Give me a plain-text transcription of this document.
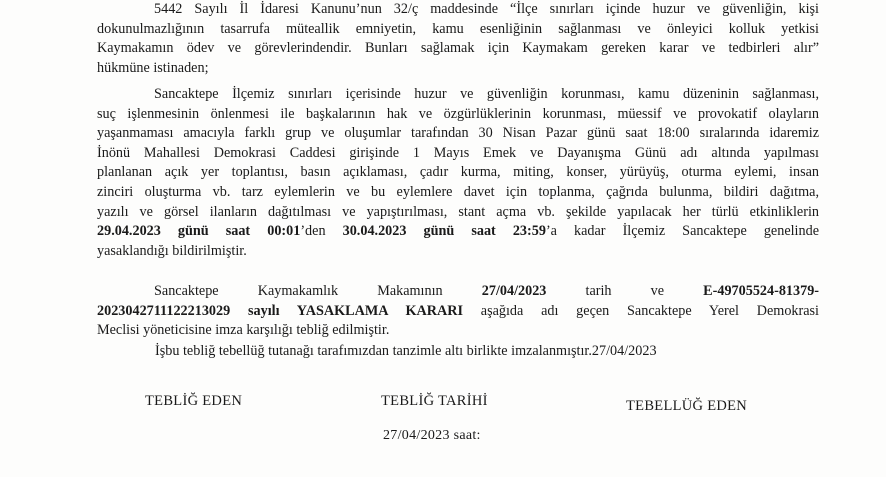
5442 Sayılı İl İdaresi Kanunu’nun 32/ç maddesinde “İlçe sınırları içinde huzur ve güvenliğin, kişi
dokunulmazlığının tasarrufa müteallik emniyetin, kamu esenliğinin sağlanması ve önleyici kolluk yetkisi
Kaymakamın ödev ve görevlerindendir. Bunları sağlamak için Kaymakam gereken karar ve tedbirleri alır”
hükmüne istinaden;
Sancaktepe İlçemiz sınırları içerisinde huzur ve güvenliğin korunması, kamu düzeninin sağlanması,
suç işlenmesinin önlenmesi ile başkalarının hak ve özgürlüklerinin korunması, müessif ve provokatif olayların
yaşanmaması amacıyla farklı grup ve oluşumlar tarafından 30 Nisan Pazar günü saat 18:00 sıralarında idaremiz
İnönü Mahallesi Demokrasi Caddesi girişinde 1 Mayıs Emek ve Dayanışma Günü adı altında yapılması
planlanan açık yer toplantısı, basın açıklaması, çadır kurma, miting, konser, yürüyüş, oturma eylemi, insan
zinciri oluşturma vb. tarz eylemlerin ve bu eylemlere davet için toplanma, çağrıda bulunma, bildiri dağıtma,
yazılı ve görsel ilanların dağıtılması ve yapıştırılması, stant açma vb. şekilde yapılacak her türlü etkinliklerin
29.04.2023 günü saat 00:01’den 30.04.2023 günü saat 23:59’a kadar İlçemiz Sancaktepe genelinde
yasaklandığı bildirilmiştir.
Sancaktepe Kaymakamlık Makamının	27/04/2023	tarih ve	E-49705524-81379-
20230427111222130​29 sayılı YASAKLAMA KARARI aşağıda adı geçen Sancaktepe Yerel Demokrasi
Meclisi yöneticisine imza karşılığı tebliğ edilmiştir.
İşbu tebliğ tebellüğ tutanağı tarafımızdan tanzimle altı birlikte imzalanmıştır.27/04/2023
TEBLİĞ EDEN	TEBLİĞ TARİHİ	TEBELLÜĞ EDEN
27/04/2023 saat:
